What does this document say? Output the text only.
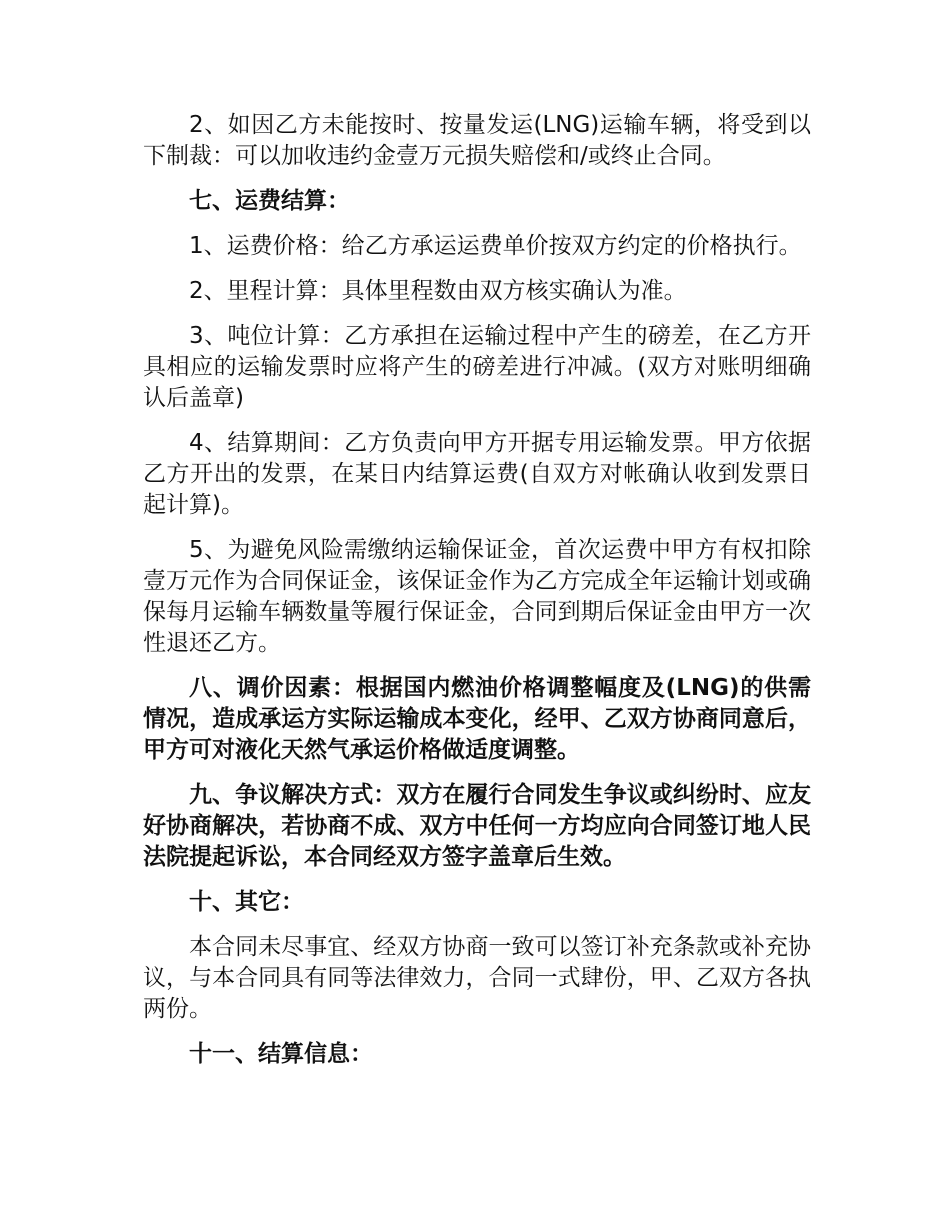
2、如因乙方未能按时、按量发运(LNG)运输车辆，将受到以下制裁：可以加收违约金壹万元损失赔偿和/或终止合同。

七、运费结算：

1、运费价格：给乙方承运运费单价按双方约定的价格执行。

2、里程计算：具体里程数由双方核实确认为准。

3、吨位计算：乙方承担在运输过程中产生的磅差，在乙方开具相应的运输发票时应将产生的磅差进行冲减。(双方对账明细确认后盖章)

4、结算期间：乙方负责向甲方开据专用运输发票。甲方依据乙方开出的发票，在某日内结算运费(自双方对帐确认收到发票日起计算)。

5、为避免风险需缴纳运输保证金，首次运费中甲方有权扣除壹万元作为合同保证金，该保证金作为乙方完成全年运输计划或确保每月运输车辆数量等履行保证金，合同到期后保证金由甲方一次性退还乙方。

八、调价因素：根据国内燃油价格调整幅度及(LNG)的供需情况，造成承运方实际运输成本变化，经甲、乙双方协商同意后，甲方可对液化天然气承运价格做适度调整。

九、争议解决方式：双方在履行合同发生争议或纠纷时、应友好协商解决，若协商不成、双方中任何一方均应向合同签订地人民法院提起诉讼，本合同经双方签字盖章后生效。

十、其它：

本合同未尽事宜、经双方协商一致可以签订补充条款或补充协议，与本合同具有同等法律效力，合同一式肆份，甲、乙双方各执两份。

十一、结算信息：
